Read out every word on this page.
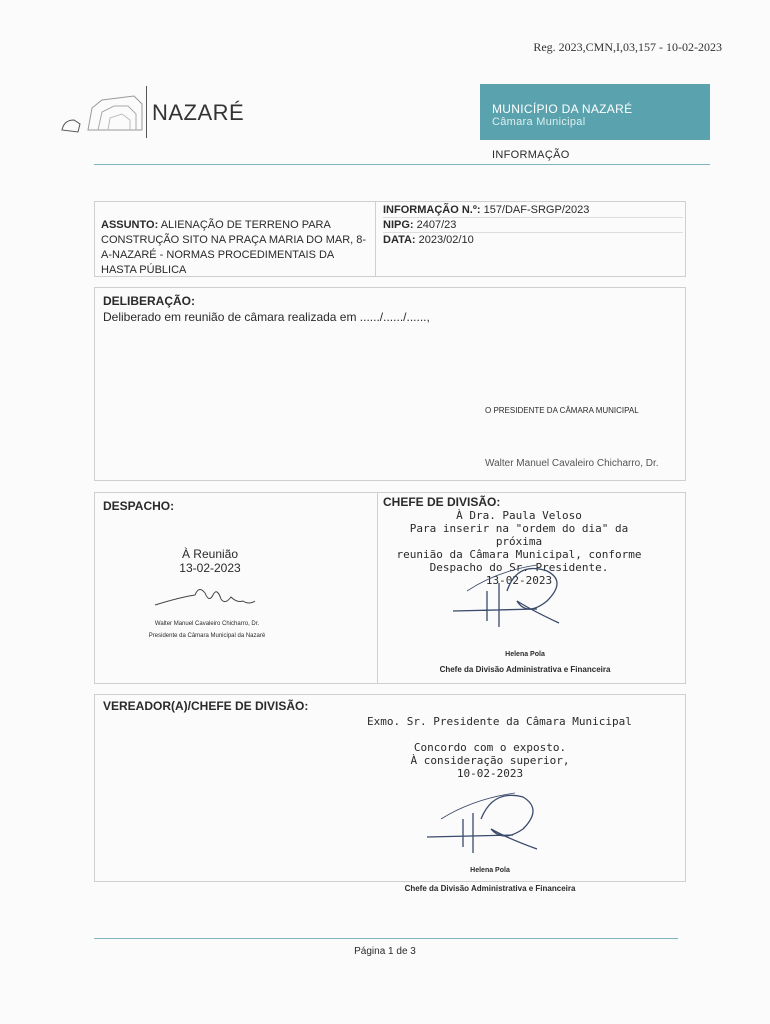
Reg. 2023,CMN,I,03,157 - 10-02-2023
NAZARÉ	MUNICÍPIO DA NAZARÉ
Câmara Municipal
INFORMAÇÃO
ASSUNTO: ALIENAÇÃO DE TERRENO PARA CONSTRUÇÃO SITO NA PRAÇA MARIA DO MAR, 8-A-NAZARÉ - NORMAS PROCEDIMENTAIS DA HASTA PÚBLICA
INFORMAÇÃO N.º: 157/DAF-SRGP/2023
NIPG: 2407/23
DATA: 2023/02/10
DELIBERAÇÃO:
Deliberado em reunião de câmara realizada em ....../....../......,
O PRESIDENTE DA CÂMARA MUNICIPAL
Walter Manuel Cavaleiro Chicharro, Dr.
DESPACHO:
À Reunião
13-02-2023
Walter Manuel Cavaleiro Chicharro, Dr.
Presidente da Câmara Municipal da Nazaré
CHEFE DE DIVISÃO:
À Dra. Paula Veloso
Para inserir na "ordem do dia" da próxima
reunião da Câmara Municipal, conforme
Despacho do Sr. Presidente.
13-02-2023
Helena Pola
Chefe da Divisão Administrativa e Financeira
VEREADOR(A)/CHEFE DE DIVISÃO:
Exmo. Sr. Presidente da Câmara Municipal
Concordo com o exposto.
À consideração superior,
10-02-2023
Helena Pola
Chefe da Divisão Administrativa e Financeira
Página 1 de 3
